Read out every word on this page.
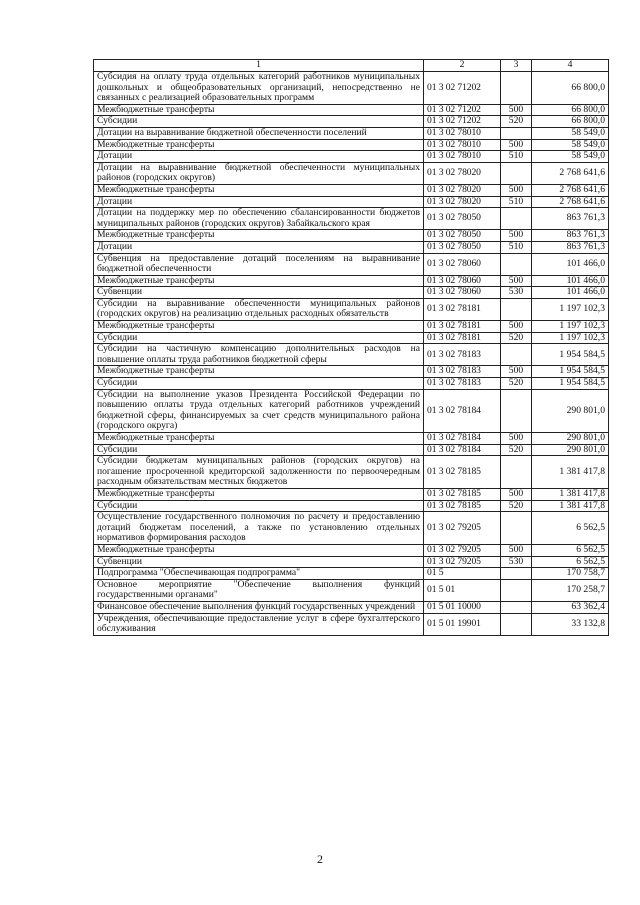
1	2	3	4
Субсидия на оплату труда отдельных категорий работников муниципальных дошкольных и общеобразовательных организаций, непосредственно не связанных с реализацией образовательных программ	01 3 02 71202		66 800,0
Межбюджетные трансферты	01 3 02 71202	500	66 800,0
Субсидии	01 3 02 71202	520	66 800,0
Дотации на выравнивание бюджетной обеспеченности поселений	01 3 02 78010		58 549,0
Межбюджетные трансферты	01 3 02 78010	500	58 549,0
Дотации	01 3 02 78010	510	58 549,0
Дотации на выравнивание бюджетной обеспеченности муниципальных районов (городских округов)	01 3 02 78020		2 768 641,6
Межбюджетные трансферты	01 3 02 78020	500	2 768 641,6
Дотации	01 3 02 78020	510	2 768 641,6
Дотации на поддержку мер по обеспечению сбалансированности бюджетов муниципальных районов (городских округов) Забайкальского края	01 3 02 78050		863 761,3
Межбюджетные трансферты	01 3 02 78050	500	863 761,3
Дотации	01 3 02 78050	510	863 761,3
Субвенция на предоставление дотаций поселениям на выравнивание бюджетной обеспеченности	01 3 02 78060		101 466,0
Межбюджетные трансферты	01 3 02 78060	500	101 466,0
Субвенции	01 3 02 78060	530	101 466,0
Субсидии на выравнивание обеспеченности муниципальных районов (городских округов) на реализацию отдельных расходных обязательств	01 3 02 78181		1 197 102,3
Межбюджетные трансферты	01 3 02 78181	500	1 197 102,3
Субсидии	01 3 02 78181	520	1 197 102,3
Субсидии на частичную компенсацию дополнительных расходов на повышение оплаты труда работников бюджетной сферы	01 3 02 78183		1 954 584,5
Межбюджетные трансферты	01 3 02 78183	500	1 954 584,5
Субсидии	01 3 02 78183	520	1 954 584,5
Субсидии на выполнение указов Президента Российской Федерации по повышению оплаты труда отдельных категорий работников учреждений бюджетной сферы, финансируемых за счет средств муниципального района (городского округа)	01 3 02 78184		290 801,0
Межбюджетные трансферты	01 3 02 78184	500	290 801,0
Субсидии	01 3 02 78184	520	290 801,0
Субсидии бюджетам муниципальных районов (городских округов) на погашение просроченной кредиторской задолженности по первоочередным расходным обязательствам местных бюджетов	01 3 02 78185		1 381 417,8
Межбюджетные трансферты	01 3 02 78185	500	1 381 417,8
Субсидии	01 3 02 78185	520	1 381 417,8
Осуществление государственного полномочия по расчету и предоставлению дотаций бюджетам поселений, а также по установлению отдельных нормативов формирования расходов	01 3 02 79205		6 562,5
Межбюджетные трансферты	01 3 02 79205	500	6 562,5
Субвенции	01 3 02 79205	530	6 562,5
Подпрограмма "Обеспечивающая подпрограмма"	01 5		170 758,7
Основное мероприятие "Обеспечение выполнения функций государственными органами"	01 5 01		170 258,7
Финансовое обеспечение выполнения функций государственных учреждений	01 5 01 10000		63 362,4
Учреждения, обеспечивающие предоставление услуг в сфере бухгалтерского обслуживания	01 5 01 19901		33 132,8
2
